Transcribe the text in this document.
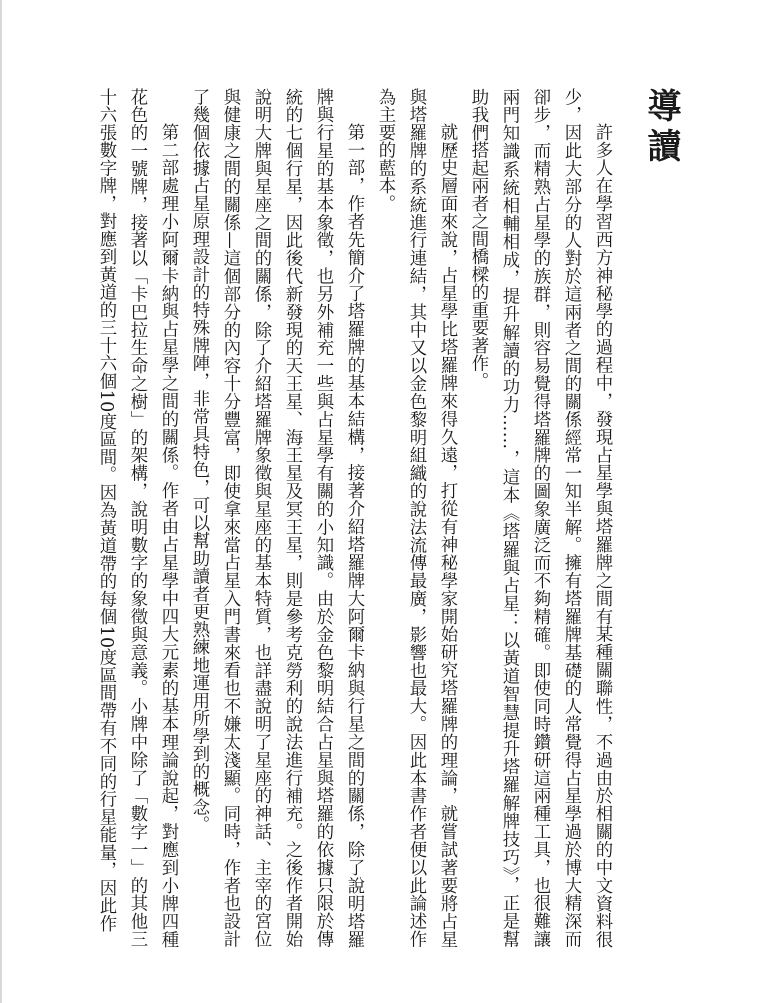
導讀

許多人在學習西方神秘學的過程中，發現占星學與塔羅牌之間有某種關聯性，不過由於相關的中文資料很少，因此大部分的人對於這兩者之間的關係經常一知半解。擁有塔羅牌基礎的人常覺得占星學過於博大精深而卻步，而精熟占星學的族群，則容易覺得塔羅牌的圖象廣泛而不夠精確。即使同時鑽研這兩種工具，也很難讓兩門知識系統相輔相成，提升解讀的功力……，這本《塔羅與占星：以黃道智慧提升塔羅解牌技巧》，正是幫助我們搭起兩者之間橋樑的重要著作。

就歷史層面來說，占星學比塔羅牌來得久遠，打從有神秘學家開始研究塔羅牌的理論，就嘗試著要將占星與塔羅牌的系統進行連結，其中又以金色黎明組織的說法流傳最廣，影響也最大。因此本書作者便以此論述作為主要的藍本。

第一部，作者先簡介了塔羅牌的基本結構，接著介紹塔羅牌大阿爾卡納與行星之間的關係，除了說明塔羅牌與行星的基本象徵，也另外補充一些與占星學有關的小知識。由於金色黎明結合占星與塔羅的依據只限於傳統的七個行星，因此後代新發現的天王星、海王星及冥王星，則是參考克勞利的說法進行補充。之後作者開始說明大牌與星座之間的關係，除了介紹塔羅牌象徵與星座的基本特質，也詳盡說明了星座的神話、主宰的宮位與健康之間的關係—這個部分的內容十分豐富，即使拿來當占星入門書來看也不嫌太淺顯。同時，作者也設計了幾個依據占星原理設計的特殊牌陣，非常具特色，可以幫助讀者更熟練地運用所學到的概念。

第二部處理小阿爾卡納與占星學之間的關係。作者由占星學中四大元素的基本理論說起，對應到小牌四種花色的一號牌，接著以「卡巴拉生命之樹」的架構，說明數字的象徵與意義。小牌中除了「數字一」的其他三十六張數字牌，對應到黃道的三十六個10度區間。因為黃道帶的每個10度區間帶有不同的行星能量，因此作
